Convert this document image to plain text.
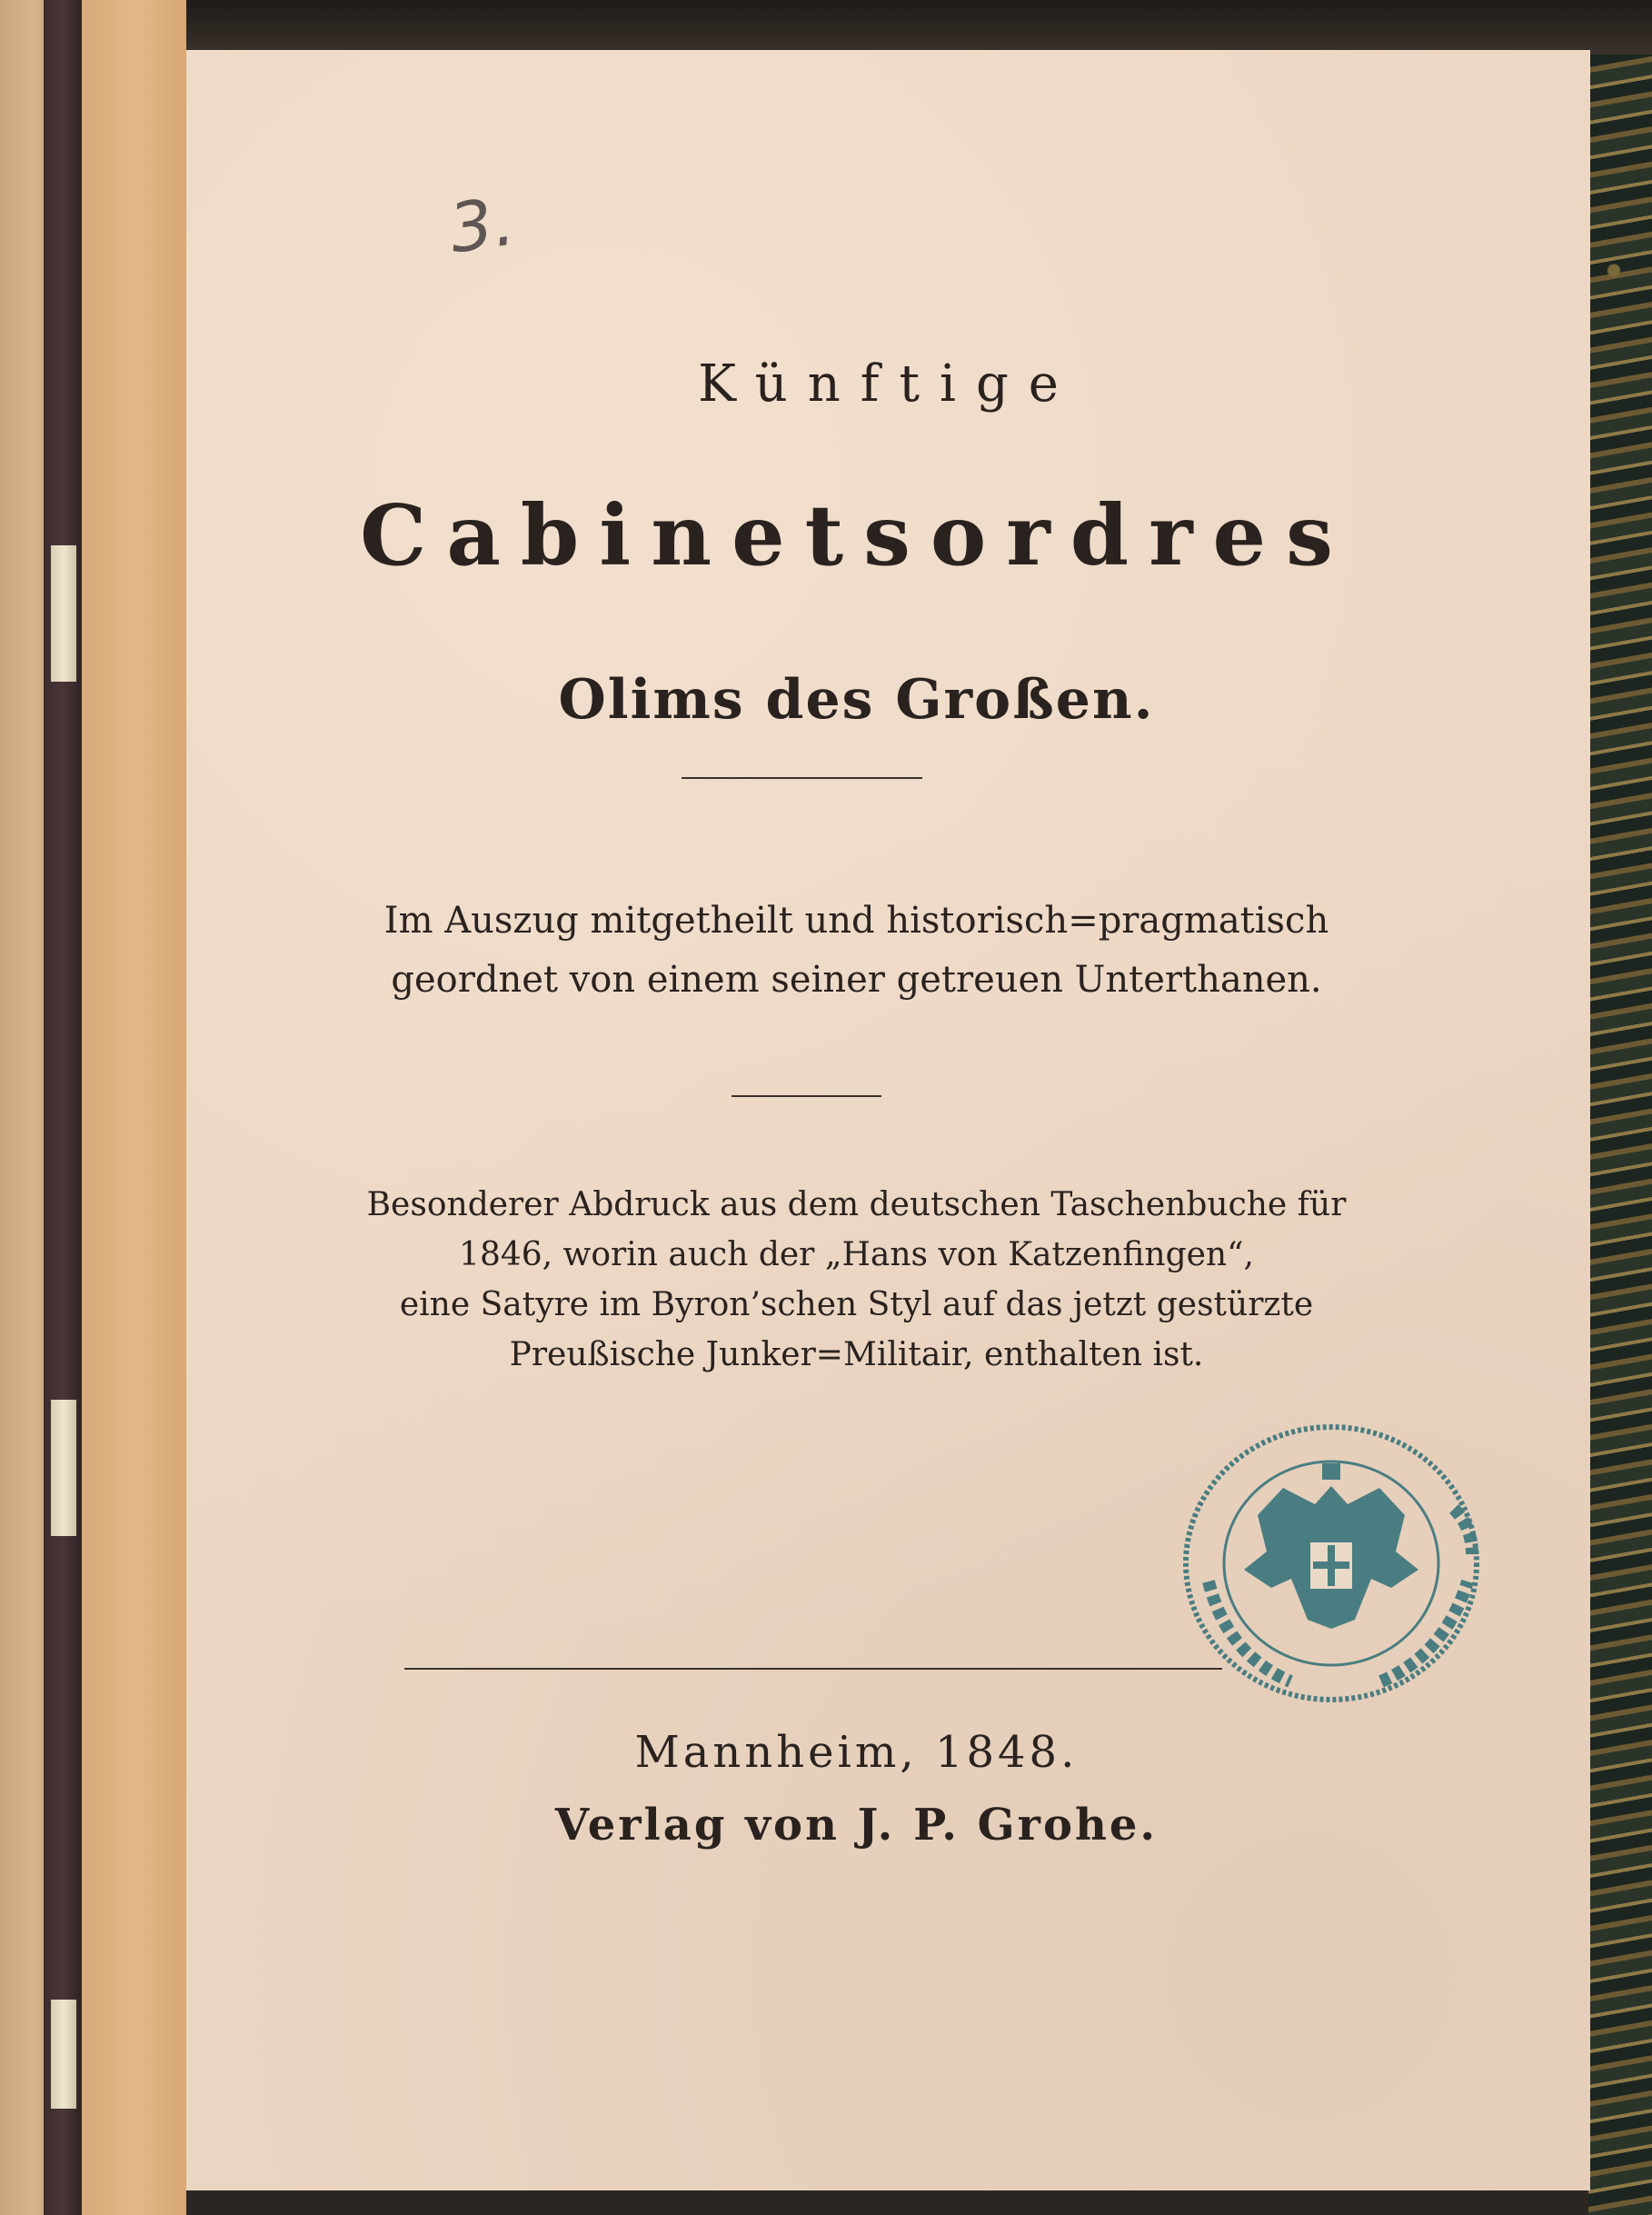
3.
Künftige
Cabinetsordres
Olims des Großen.
Im Auszug mitgetheilt und historisch=pragmatisch
geordnet von einem seiner getreuen Unterthanen.
Besonderer Abdruck aus dem deutschen Taschenbuche für
1846, worin auch der „Hans von Katzenfingen“,
eine Satyre im Byron’schen Styl auf das jetzt gestürzte
Preußische Junker=Militair, enthalten ist.
Mannheim, 1848.
Verlag von J. P. Grohe.
